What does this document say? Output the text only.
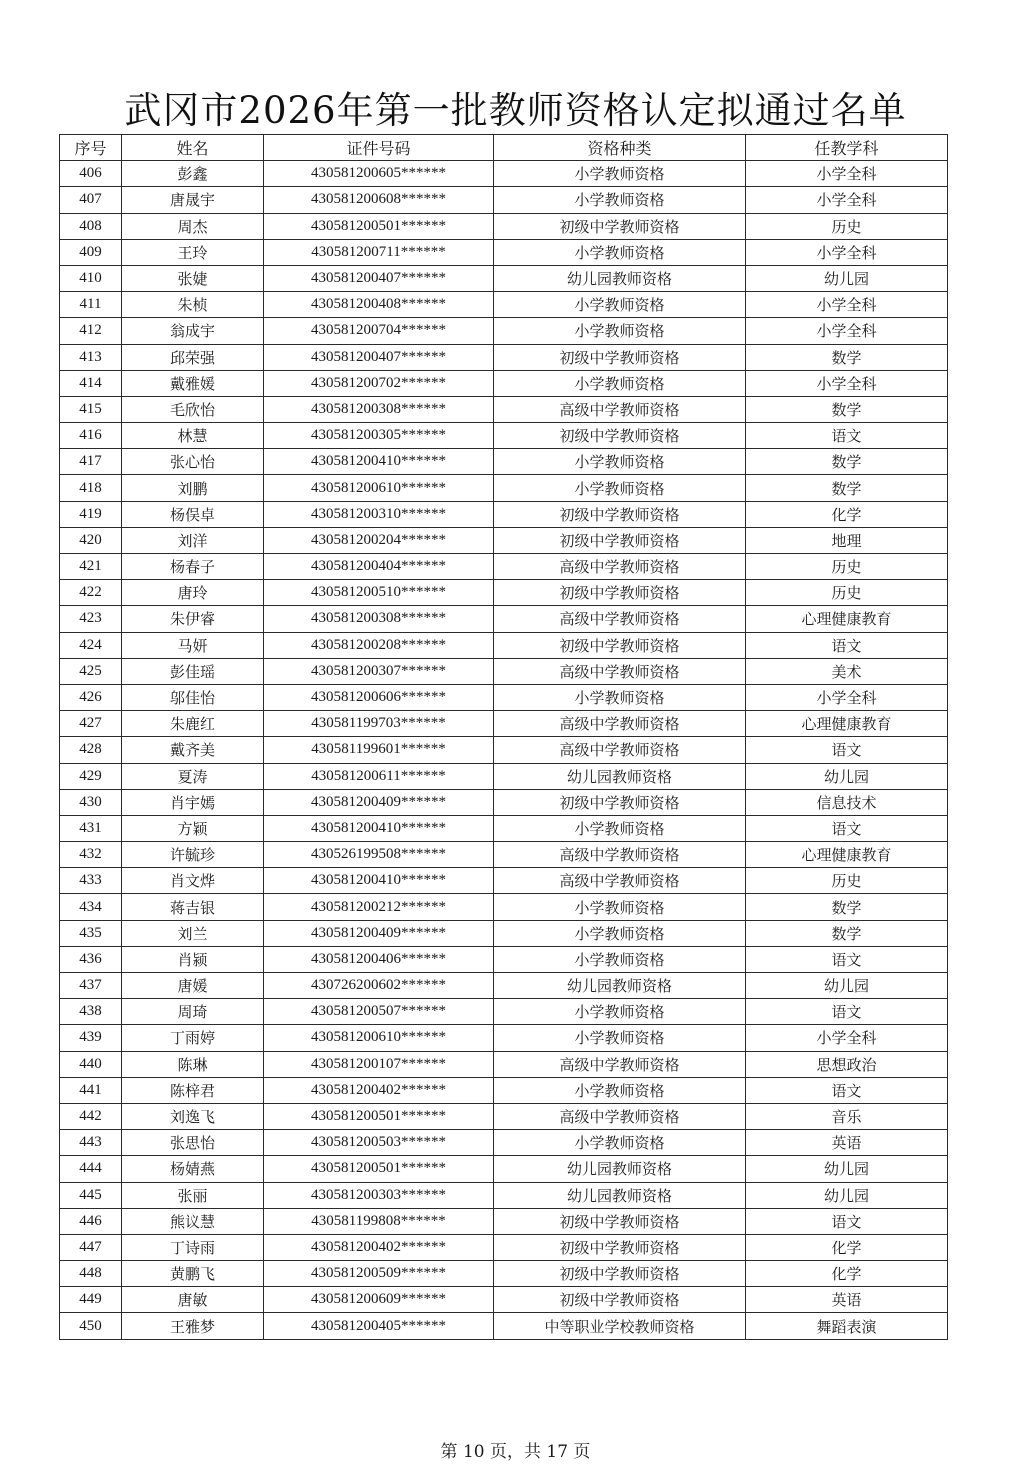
武冈市2026年第一批教师资格认定拟通过名单
序号	姓名	证件号码	资格种类	任教学科
406	彭鑫	430581200605******	小学教师资格	小学全科
407	唐晟宇	430581200608******	小学教师资格	小学全科
408	周杰	430581200501******	初级中学教师资格	历史
409	王玲	430581200711******	小学教师资格	小学全科
410	张婕	430581200407******	幼儿园教师资格	幼儿园
411	朱桢	430581200408******	小学教师资格	小学全科
412	翁成宇	430581200704******	小学教师资格	小学全科
413	邱荣强	430581200407******	初级中学教师资格	数学
414	戴雅媛	430581200702******	小学教师资格	小学全科
415	毛欣怡	430581200308******	高级中学教师资格	数学
416	林慧	430581200305******	初级中学教师资格	语文
417	张心怡	430581200410******	小学教师资格	数学
418	刘鹏	430581200610******	小学教师资格	数学
419	杨俣卓	430581200310******	初级中学教师资格	化学
420	刘洋	430581200204******	初级中学教师资格	地理
421	杨春子	430581200404******	高级中学教师资格	历史
422	唐玲	430581200510******	初级中学教师资格	历史
423	朱伊睿	430581200308******	高级中学教师资格	心理健康教育
424	马妍	430581200208******	初级中学教师资格	语文
425	彭佳瑶	430581200307******	高级中学教师资格	美术
426	邬佳怡	430581200606******	小学教师资格	小学全科
427	朱鹿红	430581199703******	高级中学教师资格	心理健康教育
428	戴齐美	430581199601******	高级中学教师资格	语文
429	夏涛	430581200611******	幼儿园教师资格	幼儿园
430	肖宇嫣	430581200409******	初级中学教师资格	信息技术
431	方颖	430581200410******	小学教师资格	语文
432	许毓珍	430526199508******	高级中学教师资格	心理健康教育
433	肖文烨	430581200410******	高级中学教师资格	历史
434	蒋吉银	430581200212******	小学教师资格	数学
435	刘兰	430581200409******	小学教师资格	数学
436	肖颍	430581200406******	小学教师资格	语文
437	唐媛	430726200602******	幼儿园教师资格	幼儿园
438	周琦	430581200507******	小学教师资格	语文
439	丁雨婷	430581200610******	小学教师资格	小学全科
440	陈琳	430581200107******	高级中学教师资格	思想政治
441	陈梓君	430581200402******	小学教师资格	语文
442	刘逸飞	430581200501******	高级中学教师资格	音乐
443	张思怡	430581200503******	小学教师资格	英语
444	杨婧燕	430581200501******	幼儿园教师资格	幼儿园
445	张丽	430581200303******	幼儿园教师资格	幼儿园
446	熊议慧	430581199808******	初级中学教师资格	语文
447	丁诗雨	430581200402******	初级中学教师资格	化学
448	黄鹏飞	430581200509******	初级中学教师资格	化学
449	唐敏	430581200609******	初级中学教师资格	英语
450	王雅梦	430581200405******	中等职业学校教师资格	舞蹈表演
第 10 页，共 17 页
